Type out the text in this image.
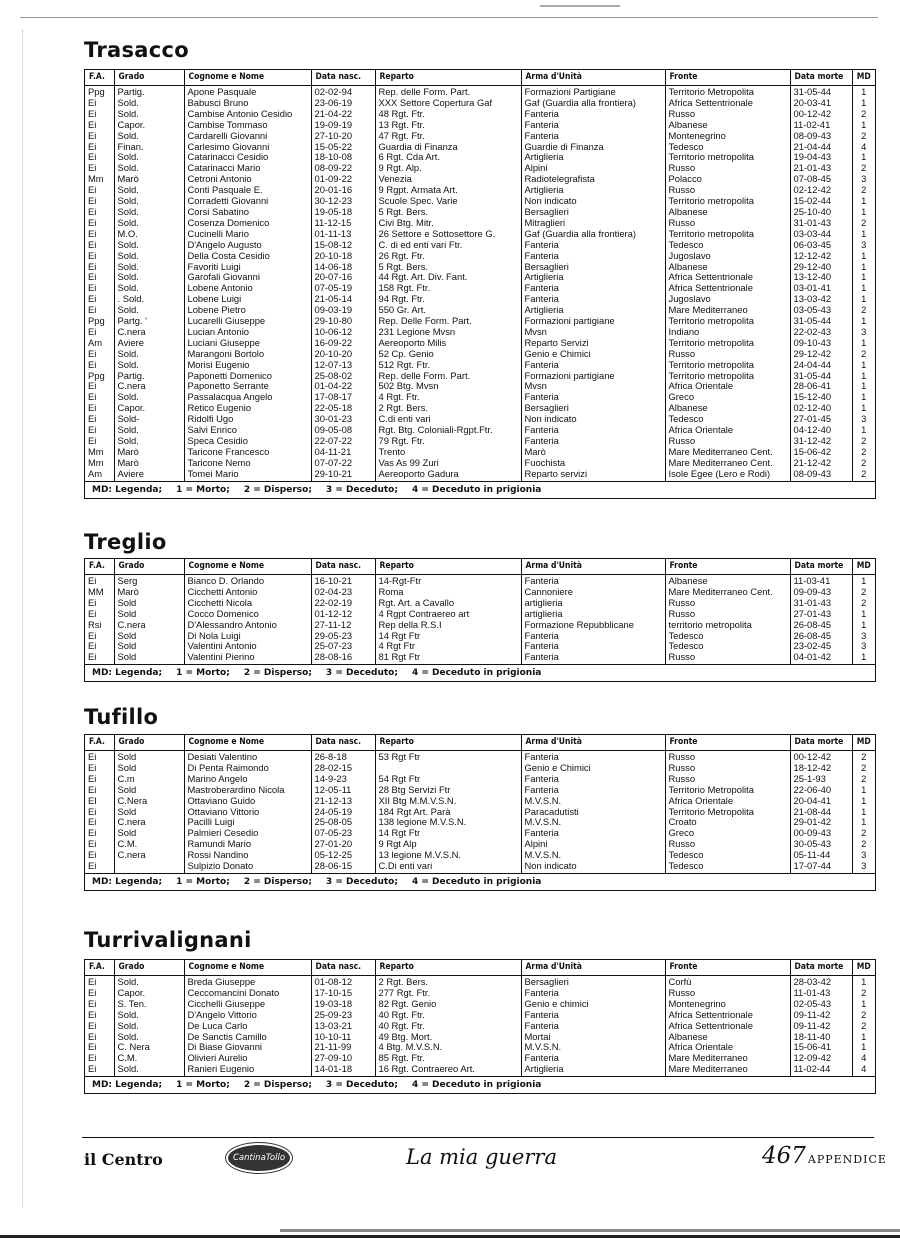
Trasacco
F.A.	Grado	Cognome e Nome	Data nasc.	Reparto	Arma d'Unità	Fronte	Data morte	MD
Ppg	Partig.	Apone Pasquale	02-02-94	Rep. delle Form. Part.	Formazioni Partigiane	Territorio Metropolita	31-05-44	1
Ei	Sold.	Babusci Bruno	23-06-19	XXX Settore Copertura Gaf	Gaf (Guardia alla frontiera)	Africa Settentrionale	20-03-41	1
Ei	Sold.	Cambise Antonio Cesidio	21-04-22	48 Rgt. Ftr.	Fanteria	Russo	00-12-42	2
Ei	Capor.	Cambise Tommaso	19-09-19	13 Rgt. Ftr.	Fanteria	Albanese	11-02-41	1
Ei	Sold.	Cardarelli Giovanni	27-10-20	47 Rgt. Ftr.	Fanteria	Montenegrino	08-09-43	2
Ei	Finan.	Carlesimo Giovanni	15-05-22	Guardia di Finanza	Guardie di Finanza	Tedesco	21-04-44	4
Ei	Sold.	Catarinacci Cesidio	18-10-08	6 Rgt. Cda Art.	Artiglieria	Territorio metropolita	19-04-43	1
Ei	Sold.	Catarinacci Mario	08-09-22	9 Rgt. Alp.	Alpini	Russo	21-01-43	2
Mm	Marò	Cetroni Antonio	01-09-22	Venezia	Radiotelegrafista	Polacco	07-08-45	3
Ei	Sold.	Conti Pasquale E.	20-01-16	9 Rgpt. Armata Art.	Artiglieria	Russo	02-12-42	2
Ei	Sold.	Corradetti Giovanni	30-12-23	Scuole Spec. Varie	Non indicato	Territorio metropolita	15-02-44	1
Ei	Sold.	Corsi Sabatino	19-05-18	5 Rgt. Bers.	Bersaglieri	Albanese	25-10-40	1
Ei	Sold.	Cosenza Domenico	11-12-15	Civi Btg. Mitr.	Mitraglieri	Russo	31-01-43	2
Ei	M.O.	Cucinelli Mario	01-11-13	26 Settore e Sottosettore G.	Gaf (Guardia alla frontiera)	Territorio metropolita	03-03-44	1
Ei	Sold.	D'Angelo Augusto	15-08-12	C. di ed enti vari Ftr.	Fanteria	Tedesco	06-03-45	3
Ei	Sold.	Della Costa Cesidio	20-10-18	26 Rgt. Ftr.	Fanteria	Jugoslavo	12-12-42	1
Ei	Sold.	Favoriti Luigi	14-06-18	5 Rgt. Bers.	Bersaglieri	Albanese	29-12-40	1
Ei	Sold.	Garofali Giovanni	20-07-16	44 Rgt. Art. Div. Fant.	Artiglieria	Africa Settentrionale	13-12-40	1
Ei	Sold.	Lobene Antonio	07-05-19	158 Rgt. Ftr.	Fanteria	Africa Settentrionale	03-01-41	1
Ei	. Sold.	Lobene Luigi	21-05-14	94 Rgt. Ftr.	Fanteria	Jugoslavo	13-03-42	1
Ei	Sold.	Lobene Pietro	09-03-19	550 Gr. Art.	Artiglieria	Mare Mediterraneo	03-05-43	2
Ppg	Partg. '	Lucarelli Giuseppe	29-10-80	Rep. Delle Form. Part.	Formazioni partigiane	Territorio metropolita	31-05-44	1
Ei	C.nera	Lucian Antonio	10-06-12	231 Legione Mvsn	Mvsn	Indiano	22-02-43	3
Am	Aviere	Luciani Giuseppe	16-09-22	Aereoporto Milis	Reparto Servizi	Territorio metropolita	09-10-43	1
Ei	Sold.	Marangoni Bortolo	20-10-20	52 Cp. Genio	Genio e Chimici	Russo	29-12-42	2
Ei	Sold.	Morisi Eugenio	12-07-13	512 Rgt. Ftr.	Fanteria	Territorio metropolita	24-04-44	1
Ppg	Partig.	Paponetti Domenico	25-08-02	Rep. delle Form. Part.	Formazioni partigiane	Territorio metropolita	31-05-44	1
Ei	C.nera	Paponetto Serrante	01-04-22	502 Btg. Mvsn	Mvsn	Africa Orientale	28-06-41	1
Ei	Sold.	Passalacqua Angelo	17-08-17	4 Rgt. Ftr.	Fanteria	Greco	15-12-40	1
Ei	Capor.	Retico Eugenio	22-05-18	2 Rgt. Bers.	Bersaglieri	Albanese	02-12-40	1
Ei	Sold-	Ridolfi Ugo	30-01-23	C.di enti vari	Non indicato	Tedesco	27-01-45	3
Ei	Sold.	Salvi Enrico	09-05-08	Rgt. Btg. Coloniali-Rgpt.Ftr.	Fanteria	Africa Orientale	04-12-40	1
Ei	Sold.	Speca Cesidio	22-07-22	79 Rgt. Ftr.	Fanteria	Russo	31-12-42	2
Mm	Marò	Taricone Francesco	04-11-21	Trento	Marò	Mare Mediterraneo Cent.	15-06-42	2
Mm	Marò	Taricone Nemo	07-07-22	Vas As 99 Zuri	Fuochista	Mare Mediterraneo Cent.	21-12-42	2
Am	Aviere	Tomei Mario	29-10-21	Aereoporto Gadura	Reparto servizi	Isole Egee (Lero e Rodi)	08-09-43	2
MD: Legenda; 1 = Morto; 2 = Disperso; 3 = Deceduto; 4 = Deceduto in prigionia
Treglio
F.A.	Grado	Cognome e Nome	Data nasc.	Reparto	Arma d'Unità	Fronte	Data morte	MD
Ei	Serg	Bianco D. Orlando	16-10-21	14-Rgt-Ftr	Fanteria	Albanese	11-03-41	1
MM	Marò	Cicchetti Antonio	02-04-23	Roma	Cannoniere	Mare Mediterraneo Cent.	09-09-43	2
Ei	Sold	Cicchetti Nicola	22-02-19	Rgt. Art. a Cavallo	artiglieria	Russo	31-01-43	2
Ei	Sold	Cocco Domenico	01-12-12	4 Rgpt Contraereo art	artiglieria	Russo	27-01-43	1
Rsi	C.nera	D'Alessandro Antonio	27-11-12	Rep della R.S.I	Formazione Repubblicane	territorio metropolita	26-08-45	1
Ei	Sold	Di Nola Luigi	29-05-23	14 Rgt Ftr	Fanteria	Tedesco	26-08-45	3
Ei	Sold	Valentini Antonio	25-07-23	4 Rgt Ftr	Fanteria	Tedesco	23-02-45	3
Ei	Sold	Valentini Pierino	28-08-16	81 Rgt Ftr	Fanteria	Russo	04-01-42	1
MD: Legenda; 1 = Morto; 2 = Disperso; 3 = Deceduto; 4 = Deceduto in prigionia
Tufillo
F.A.	Grado	Cognome e Nome	Data nasc.	Reparto	Arma d'Unità	Fronte	Data morte	MD
Ei	Sold	Desiati Valentino	26-8-18	53 Rgt Ftr	Fanteria	Russo	00-12-42	2
Ei	Sold	Di Penta Raimondo	28-02-15		Genio e Chimici	Russo	18-12-42	2
Ei	C.m	Marino Angelo	14-9-23	54 Rgt Ftr	Fanteria	Russo	25-1-93	2
Ei	Sold	Mastroberardino Nicola	12-05-11	28 Btg Servizi Ftr	Fanteria	Territorio Metropolita	22-06-40	1
EI	C.Nera	Ottaviano Guido	21-12-13	XII Btg M.M.V.S.N.	M.V.S.N.	Africa Orientale	20-04-41	1
Ei	Sold	Ottaviano Vittorio	24-05-19	184 Rgt Art. Parà	Paracadutisti	Territorio Metropolita	21-08-44	1
Ei	C.nera	Pacilli Luigi	25-08-05	138 legione M.V.S.N.	M.V.S.N.	Croato	29-01-42	1
Ei	Sold	Palmieri Cesedio	07-05-23	14 Rgt Ftr	Fanteria	Greco	00-09-43	2
Ei	C.M.	Ramundi Mario	27-01-20	9 Rgt Alp	Alpini	Russo	30-05-43	2
Ei	C.nera	Rossi Nandino	05-12-25	13 legione M.V.S.N.	M.V.S.N.	Tedesco	05-11-44	3
Ei		Sulpizio Donato	28-06-15	C.Di enti vari	Non indicato	Tedesco	17-07-44	3
MD: Legenda; 1 = Morto; 2 = Disperso; 3 = Deceduto; 4 = Deceduto in prigionia
Turrivalignani
F.A.	Grado	Cognome e Nome	Data nasc.	Reparto	Arma d'Unità	Fronte	Data morte	MD
Ei	Sold.	Breda Giuseppe	01-08-12	2 Rgt. Bers.	Bersaglieri	Corfù	28-03-42	1
Ei	Capor.	Ceccomancini Donato	17-10-15	277 Rgt. Ftr.	Fanteria	Russo	11-01-43	2
Ei	S. Ten.	Cicchelli Giuseppe	19-03-18	82 Rgt. Genio	Genio e chimici	Montenegrino	02-05-43	1
Ei	Sold.	D'Angelo Vittorio	25-09-23	40 Rgt. Ftr.	Fanteria	Africa Settentrionale	09-11-42	2
Ei	Sold.	De Luca Carlo	13-03-21	40 Rgt. Ftr.	Fanteria	Africa Settentrionale	09-11-42	2
Ei	Sold.	De Sanctis Camillo	10-10-11	49 Btg. Mort.	Mortai	Albanese	18-11-40	1
Ei	C. Nera	Di Biase Giovanni	21-11-99	4 Btg. M.V.S.N.	M.V.S.N.	Africa Orientale	15-06-41	1
Ei	C.M.	Olivieri Aurelio	27-09-10	85 Rgt. Ftr.	Fanteria	Mare Mediterraneo	12-09-42	4
Ei	Sold.	Ranieri Eugenio	14-01-18	16 Rgt. Contraereo Art.	Artiglieria	Mare Mediterraneo	11-02-44	4
MD: Legenda; 1 = Morto; 2 = Disperso; 3 = Deceduto; 4 = Deceduto in prigionia
il Centro	CantinaTollo	La mia guerra	467 APPENDICE
